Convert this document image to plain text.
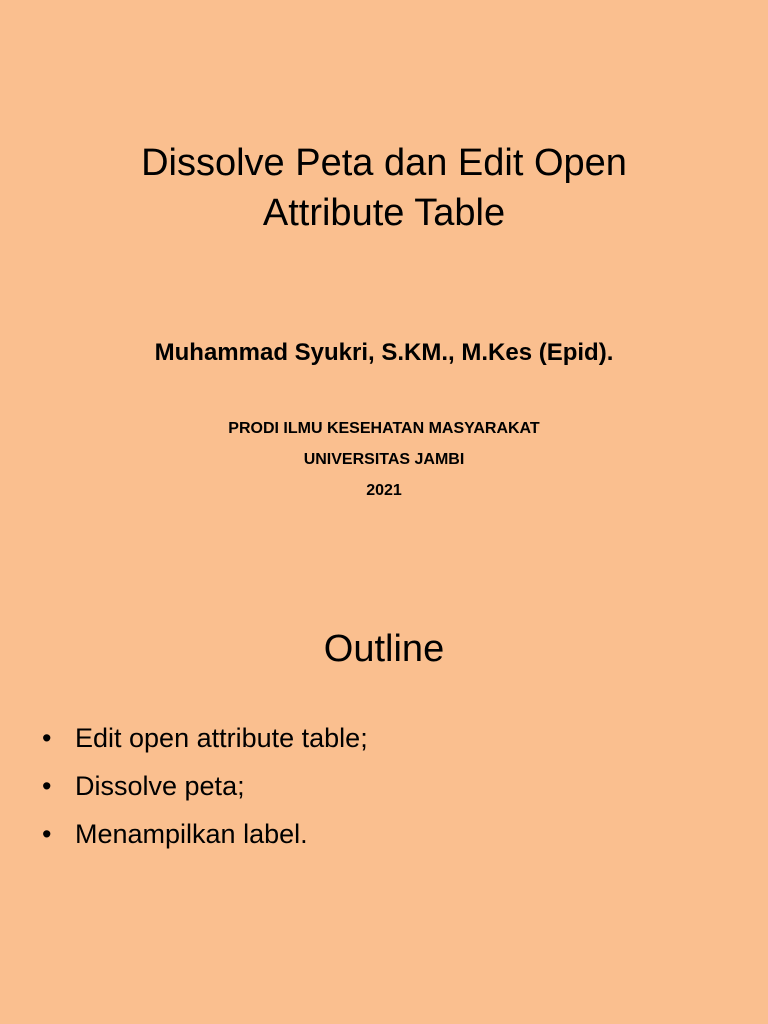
Dissolve Peta dan Edit Open
Attribute Table

Muhammad Syukri, S.KM., M.Kes (Epid).

PRODI ILMU KESEHATAN MASYARAKAT
UNIVERSITAS JAMBI
2021
Outline
• Edit open attribute table;
• Dissolve peta;
• Menampilkan label.
